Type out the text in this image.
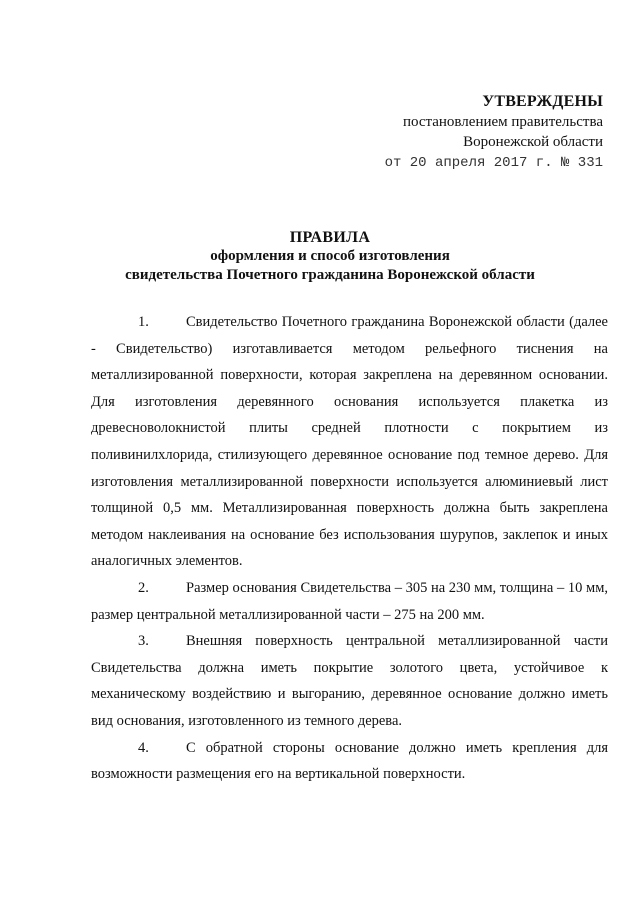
УТВЕРЖДЕНЫ
постановлением правительства
Воронежской области
от 20 апреля 2017 г. № 331
ПРАВИЛА
оформления и способ изготовления
свидетельства Почетного гражданина Воронежской области

1.	Свидетельство Почетного гражданина Воронежской области (далее - Свидетельство) изготавливается методом рельефного тиснения на металлизированной поверхности, которая закреплена на деревянном основании. Для изготовления деревянного основания используется плакетка из древесноволокнистой плиты средней плотности с покрытием из поливинилхлорида, стилизующего деревянное основание под темное дерево. Для изготовления металлизированной поверхности используется алюминиевый лист толщиной 0,5 мм. Металлизированная поверхность должна быть закреплена методом наклеивания на основание без использования шурупов, заклепок и иных аналогичных элементов.

2.	Размер основания Свидетельства – 305 на 230 мм, толщина – 10 мм, размер центральной металлизированной части – 275 на 200 мм.

3.	Внешняя поверхность центральной металлизированной части Свидетельства должна иметь покрытие золотого цвета, устойчивое к механическому воздействию и выгоранию, деревянное основание должно иметь вид основания, изготовленного из темного дерева.

4.	С обратной стороны основание должно иметь крепления для возможности размещения его на вертикальной поверхности.
